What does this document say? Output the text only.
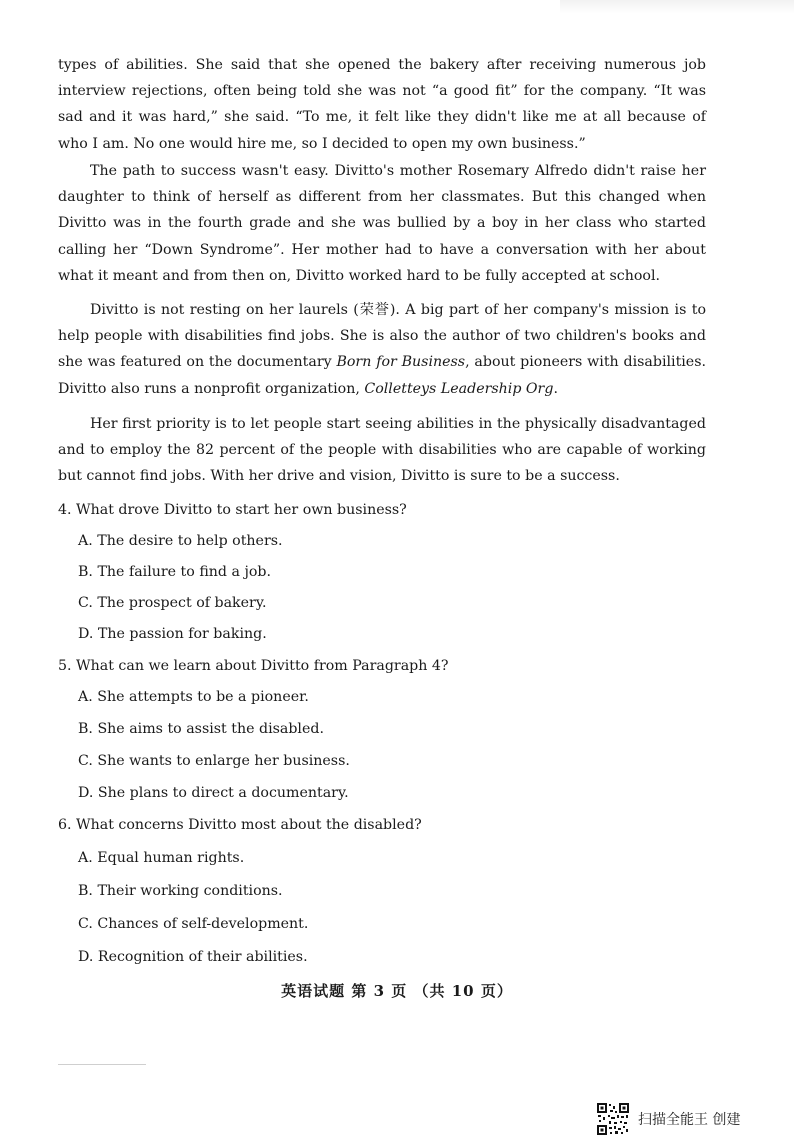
types of abilities. She said that she opened the bakery after receiving numerous job interview rejections, often being told she was not “a good fit” for the company. “It was sad and it was hard,” she said. “To me, it felt like they didn't like me at all because of who I am. No one would hire me, so I decided to open my own business.”

The path to success wasn't easy. Divitto's mother Rosemary Alfredo didn't raise her daughter to think of herself as different from her classmates. But this changed when Divitto was in the fourth grade and she was bullied by a boy in her class who started calling her “Down Syndrome”. Her mother had to have a conversation with her about what it meant and from then on, Divitto worked hard to be fully accepted at school.

Divitto is not resting on her laurels (荣誉). A big part of her company's mission is to help people with disabilities find jobs. She is also the author of two children's books and she was featured on the documentary Born for Business, about pioneers with disabilities. Divitto also runs a nonprofit organization, Colletteys Leadership Org.

Her first priority is to let people start seeing abilities in the physically disadvantaged and to employ the 82 percent of the people with disabilities who are capable of working but cannot find jobs. With her drive and vision, Divitto is sure to be a success.

4. What drove Divitto to start her own business?
A. The desire to help others.
B. The failure to find a job.
C. The prospect of bakery.
D. The passion for baking.
5. What can we learn about Divitto from Paragraph 4?
A. She attempts to be a pioneer.
B. She aims to assist the disabled.
C. She wants to enlarge her business.
D. She plans to direct a documentary.
6. What concerns Divitto most about the disabled?
A. Equal human rights.
B. Their working conditions.
C. Chances of self-development.
D. Recognition of their abilities.
英语试题 第 3 页 （共 10 页）
扫描全能王 创建
